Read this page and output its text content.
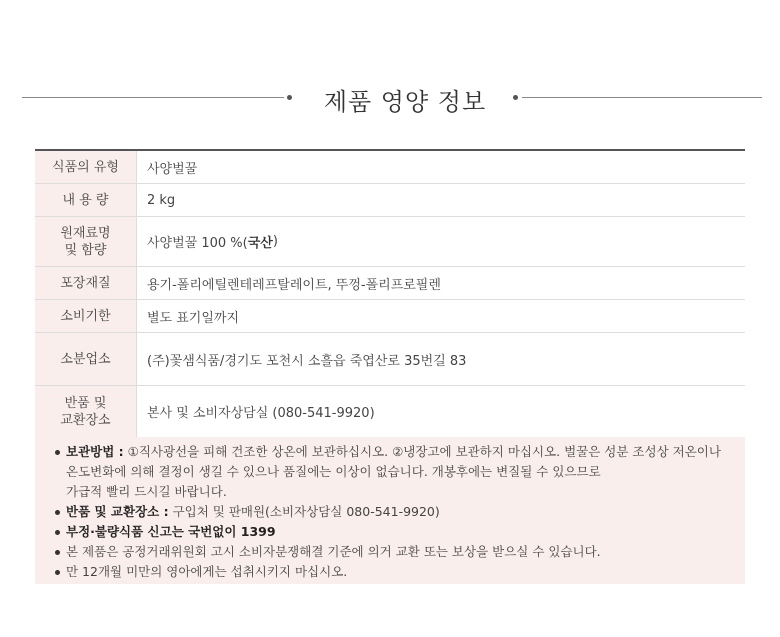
제품 영양 정보
식품의 유형	사양벌꿀
내 용 량	2 kg
원재료명
및 함량	사양벌꿀 100 %( 국산 )
포장재질	용기-폴리에틸렌테레프탈레이트, 뚜껑-폴리프로필렌
소비기한	별도 표기일까지
소분업소	(주)꽃샘식품/경기도 포천시 소흘읍 죽엽산로 35번길 83
반품 및
교환장소	본사 및 소비자상담실 (080-541-9920)
보관방법 : ①직사광선을 피해 건조한 상온에 보관하십시오. ②냉장고에 보관하지 마십시오. 벌꿀은 성분 조성상 저온이나
온도변화에 의해 결정이 생길 수 있으나 품질에는 이상이 없습니다. 개봉후에는 변질될 수 있으므로
가급적 빨리 드시길 바랍니다.
반품 및 교환장소 : 구입처 및 판매원(소비자상담실 080-541-9920)
부정·불량식품 신고는 국번없이 1399
본 제품은 공정거래위원회 고시 소비자분쟁해결 기준에 의거 교환 또는 보상을 받으실 수 있습니다.
만 12개월 미만의 영아에게는 섭취시키지 마십시오.
